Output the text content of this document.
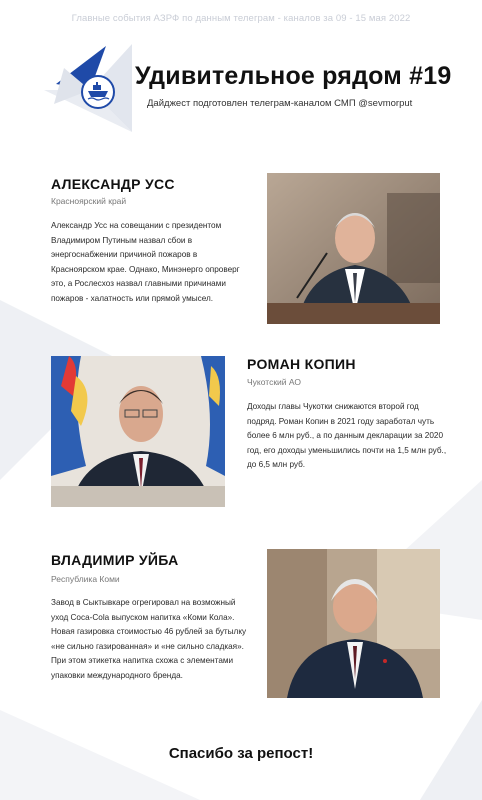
Главные события АЗРФ по данным телеграм - каналов за 09 - 15 мая 2022
Удивительное рядом #19
Дайджест подготовлен телеграм-каналом СМП @sevmorput
АЛЕКСАНДР УСС
Красноярский край
Александр Усс на совещании с президентом Владимиром Путиным назвал сбои в энергоснабжении причиной пожаров в Красноярском крае. Однако, Минэнерго опроверг это, а Рослесхоз назвал главными причинами пожаров - халатность или прямой умысел.
РОМАН КОПИН
Чукотский АО
Доходы главы Чукотки снижаются второй год подряд. Роман Копин в 2021 году заработал чуть более 6 млн руб., а по данным декларации за 2020 год, его доходы уменьшились почти на 1,5 млн руб., до 6,5 млн руб.
ВЛАДИМИР УЙБА
Республика Коми
Завод в Сыктывкаре огрегировал на возможный уход Coca-Cola выпуском напитка «Коми Кола». Новая газировка стоимостью 46 рублей за бутылку «не сильно газированная» и «не сильно сладкая». При этом этикетка напитка схожа с элементами упаковки международного бренда.
Спасибо за репост!
